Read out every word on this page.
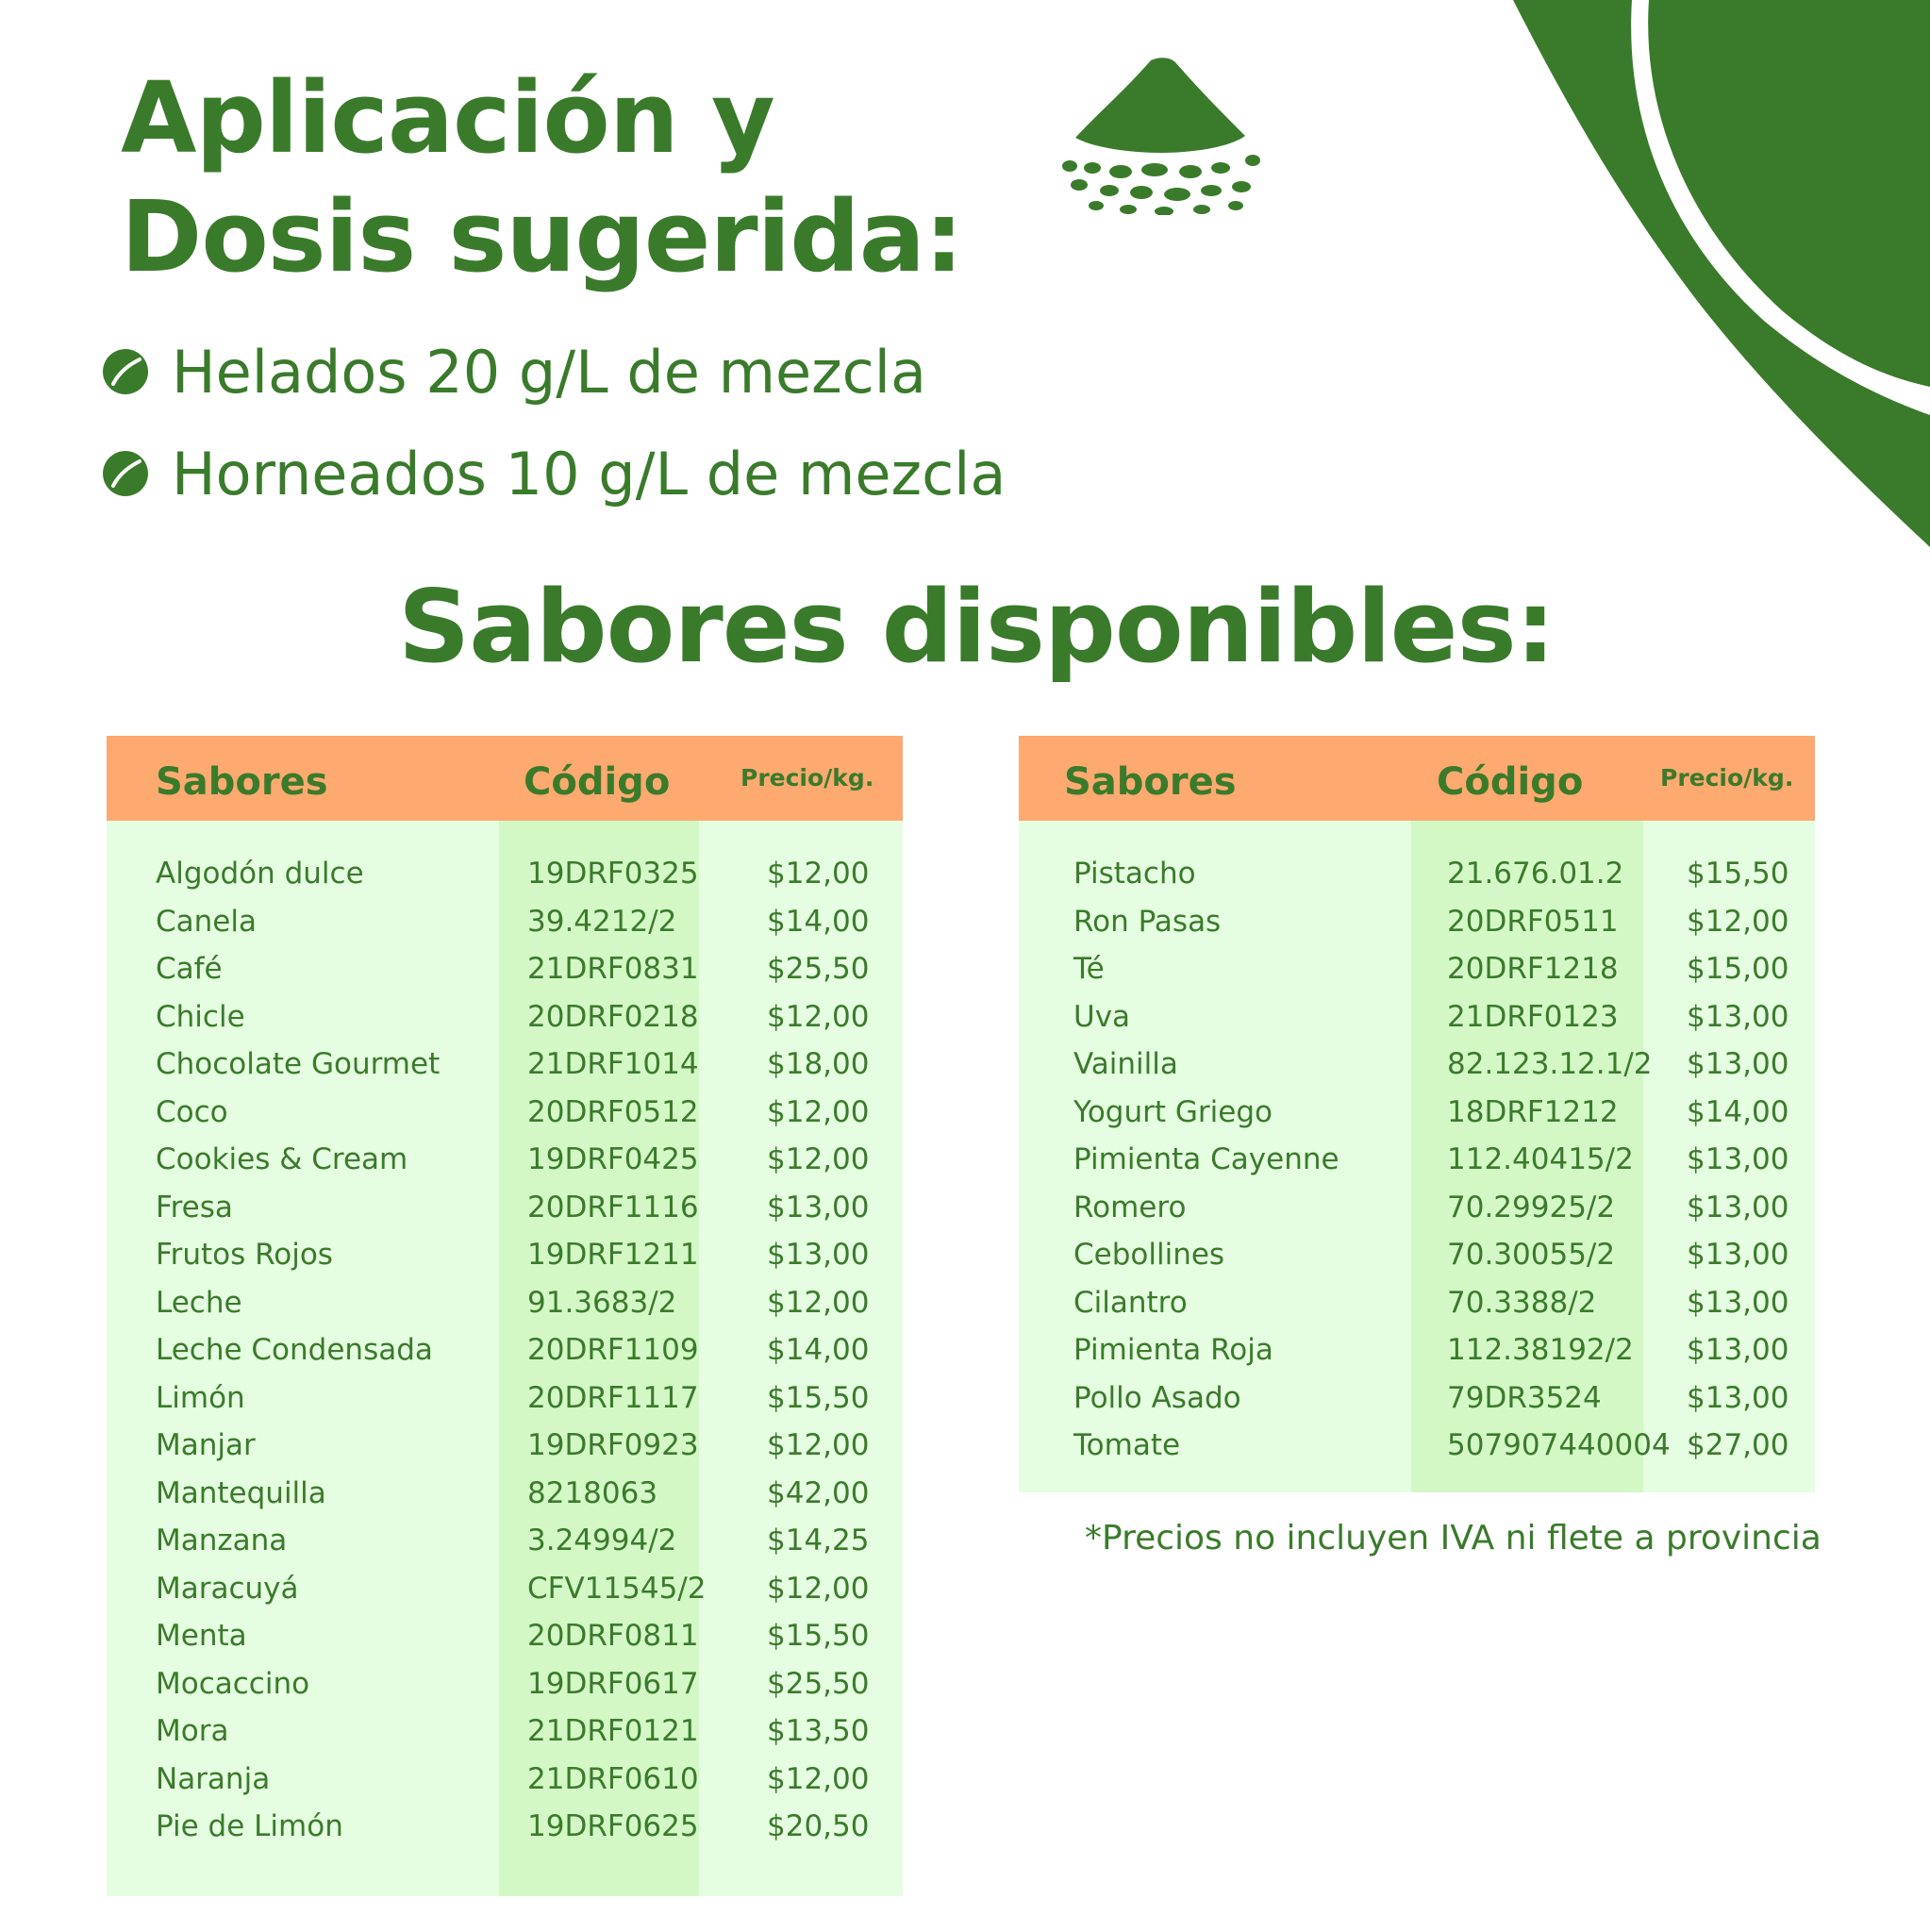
Aplicación y
Dosis sugerida:
Helados 20 g/L de mezcla
Horneados 10 g/L de mezcla
Sabores disponibles:
Sabores	Código	Precio/kg.
Algodón dulce	19DRF0325 $12,00
Canela	39.4212/2	$14,00
Café	21DRF0831 $25,50
Chicle	20DRF0218 $12,00
Chocolate Gourmet	21DRF1014 $18,00
Coco	20DRF0512 $12,00
Cookies & Cream	19DRF0425 $12,00
Fresa	20DRF1116 $13,00
Frutos Rojos	19DRF1211 $13,00
Leche	91.3683/2	$12,00
Leche Condensada	20DRF1109 $14,00
Limón	20DRF1117 $15,50
Manjar	19DRF0923 $12,00
Mantequilla	8218063	$42,00
Manzana	3.24994/2	$14,25
Maracuyá	CFV11545/2 $12,00
Menta	20DRF0811 $15,50
Mocaccino	19DRF0617 $25,50
Mora	21DRF0121 $13,50
Naranja	21DRF0610 $12,00
Pie de Limón	19DRF0625 $20,50
Sabores	Código	Precio/kg.
Pistacho	21.676.01.2 $15,50
Ron Pasas	20DRF0511 $12,00
Té	20DRF1218 $15,00
Uva	21DRF0123 $13,00
Vainilla	82.123.12.1/2 $13,00
Yogurt Griego	18DRF1212 $14,00
Pimienta Cayenne	112.40415/2 $13,00
Romero	70.29925/2 $13,00
Cebollines	70.30055/2 $13,00
Cilantro	70.3388/2	$13,00
Pimienta Roja	112.38192/2 $13,00
Pollo Asado	79DR3524	$13,00
Tomate	507907440004 $27,00
*Precios no incluyen IVA ni flete a provincia
